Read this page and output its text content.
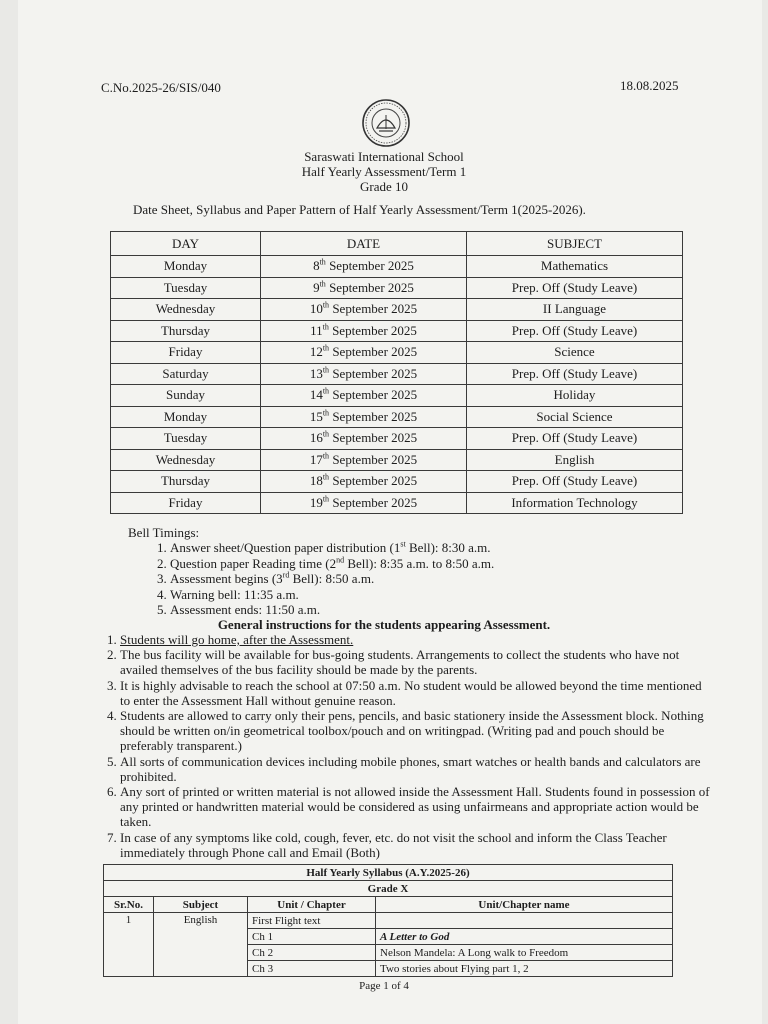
C.No.2025-26/SIS/040	18.08.2025
Saraswati International School
Half Yearly Assessment/Term 1
Grade 10
Date Sheet, Syllabus and Paper Pattern of Half Yearly Assessment/Term 1(2025-2026).
DAY	DATE	SUBJECT
Monday	8th September 2025	Mathematics
Tuesday	9th September 2025	Prep. Off (Study Leave)
Wednesday	10th September 2025	II Language
Thursday	11th September 2025	Prep. Off (Study Leave)
Friday	12th September 2025	Science
Saturday	13th September 2025	Prep. Off (Study Leave)
Sunday	14th September 2025	Holiday
Monday	15th September 2025	Social Science
Tuesday	16th September 2025	Prep. Off (Study Leave)
Wednesday	17th September 2025	English
Thursday	18th September 2025	Prep. Off (Study Leave)
Friday	19th September 2025	Information Technology
Bell Timings:
1. Answer sheet/Question paper distribution (1st Bell): 8:30 a.m.
2. Question paper Reading time (2nd Bell): 8:35 a.m. to 8:50 a.m.
3. Assessment begins (3rd Bell): 8:50 a.m.
4. Warning bell: 11:35 a.m.
5. Assessment ends: 11:50 a.m.
General instructions for the students appearing Assessment.
1. Students will go home, after the Assessment.
2. The bus facility will be available for bus-going students. Arrangements to collect the students who have not availed themselves of the bus facility should be made by the parents.
3. It is highly advisable to reach the school at 07:50 a.m. No student would be allowed beyond the time mentioned to enter the Assessment Hall without genuine reason.
4. Students are allowed to carry only their pens, pencils, and basic stationery inside the Assessment block. Nothing should be written on/in geometrical toolbox/pouch and on writingpad. (Writing pad and pouch should be preferably transparent.)
5. All sorts of communication devices including mobile phones, smart watches or health bands and calculators are prohibited.
6. Any sort of printed or written material is not allowed inside the Assessment Hall. Students found in possession of any printed or handwritten material would be considered as using unfairmeans and appropriate action would be taken.
7. In case of any symptoms like cold, cough, fever, etc. do not visit the school and inform the Class Teacher immediately through Phone call and Email (Both)
Half Yearly Syllabus (A.Y.2025-26)			
Grade X			
Sr.No.	Subject	Unit / Chapter	Unit/Chapter name
1	English	First Flight text	
		Ch 1	A Letter to God
		Ch 2	Nelson Mandela: A Long walk to Freedom
		Ch 3	Two stories about Flying part 1, 2
Page 1 of 4
